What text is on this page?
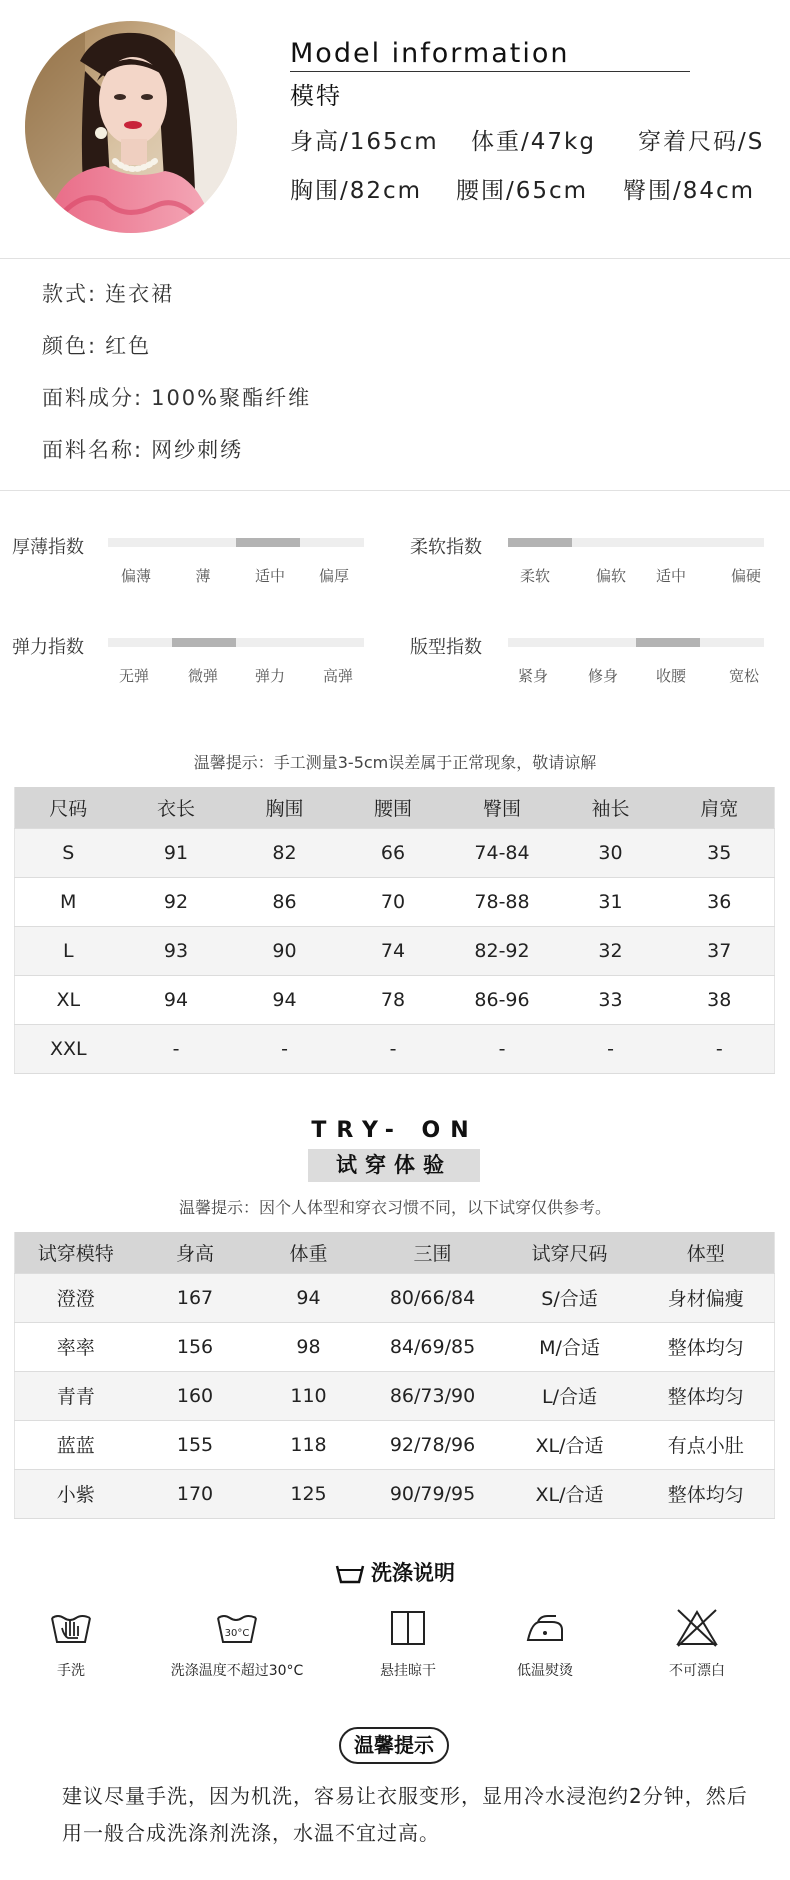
Model information
模特
身高/165cm 体重/47kg 穿着尺码/S
胸围/82cm 腰围/65cm 臀围/84cm
款式: 连衣裙
颜色: 红色
面料成分: 100%聚酯纤维
面料名称: 网纱刺绣
厚薄指数
偏薄	薄	适中 偏厚
柔软指数
柔软	偏软 适中	偏硬
弹力指数
无弹	微弹 弹力	高弹
版型指数
紧身	修身	收腰	宽松
温馨提示：手工测量3-5cm误差属于正常现象，敬请谅解
尺码	衣长	胸围	腰围	臀围	袖长	肩宽
S	91	82	66	74-84	30	35
M	92	86	70	78-88	31	36
L	93	90	74	82-92	32	37
XL	94	94	78	86-96	33	38
XXL	-	-	-	-	-	-
TRY- ON
试穿体验
温馨提示：因个人体型和穿衣习惯不同，以下试穿仅供参考。
试穿模特	身高	体重	三围	试穿尺码	体型
澄澄	167	94	80/66/84	S/合适	身材偏瘦
率率	156	98	84/69/85	M/合适	整体均匀
青青	160	110	86/73/90	L/合适	整体均匀
蓝蓝	155	118	92/78/96	XL/合适	有点小肚
小紫	170	125	90/79/95	XL/合适	整体均匀
洗涤说明
手洗
30°C
洗涤温度不超过30°C	悬挂晾干	低温熨烫	不可漂白
温馨提示
建议尽量手洗，因为机洗，容易让衣服变形，显用冷水浸泡约2分钟，然后用一般合成洗涤剂洗涤，水温不宜过高。
